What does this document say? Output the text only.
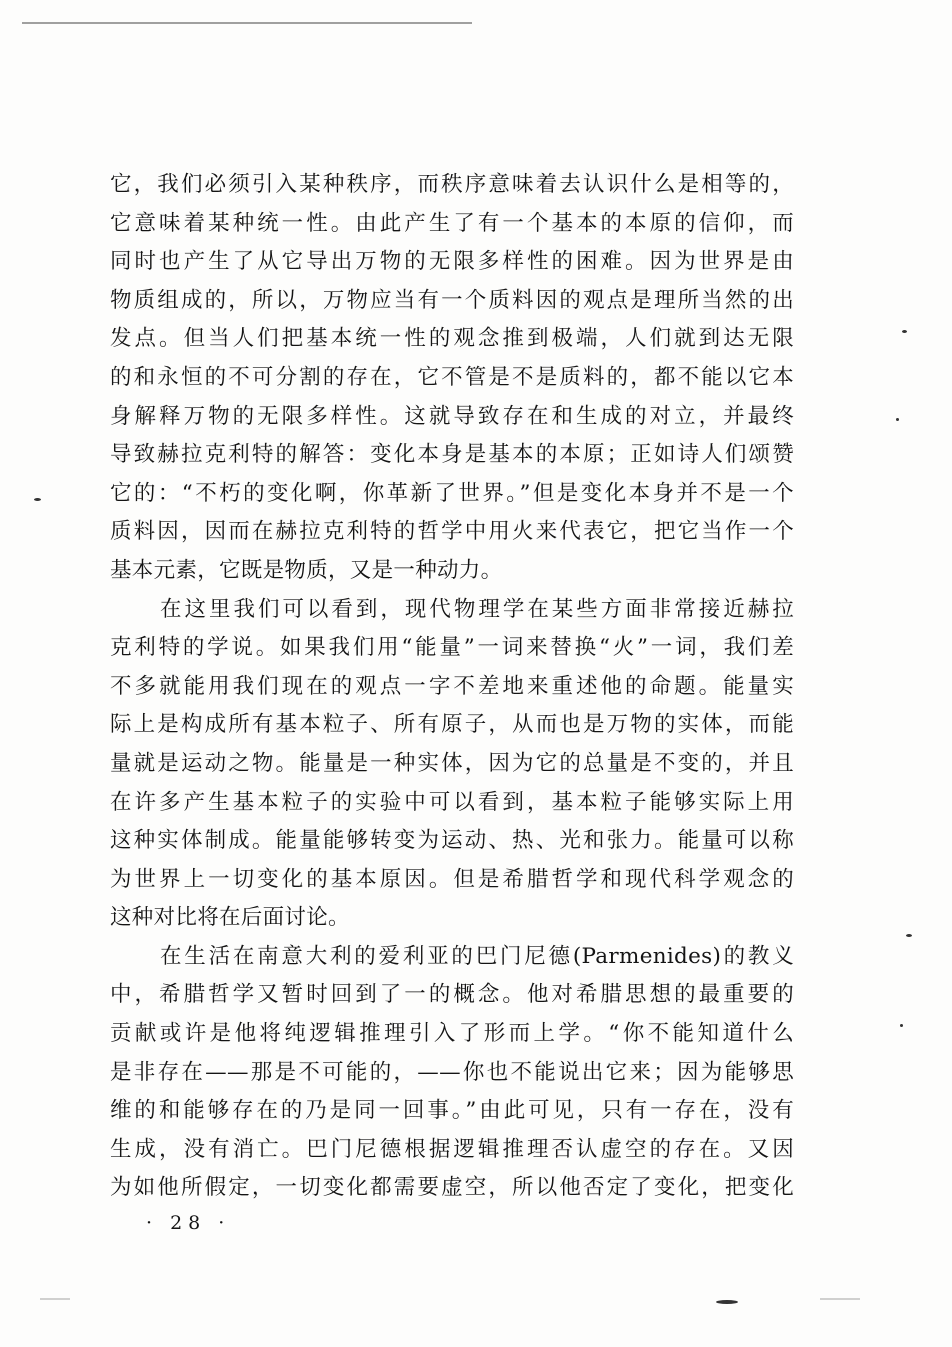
它，我们必须引入某种秩序，而秩序意味着去认识什么是相等的，
它意味着某种统一性。由此产生了有一个基本的本原的信仰，而
同时也产生了从它导出万物的无限多样性的困难。因为世界是由
物质组成的，所以，万物应当有一个质料因的观点是理所当然的出
发点。但当人们把基本统一性的观念推到极端，人们就到达无限
的和永恒的不可分割的存在，它不管是不是质料的，都不能以它本
身解释万物的无限多样性。这就导致存在和生成的对立，并最终
导致赫拉克利特的解答：变化本身是基本的本原；正如诗人们颂赞
它的：“不朽的变化啊，你革新了世界。”但是变化本身并不是一个
质料因，因而在赫拉克利特的哲学中用火来代表它，把它当作一个
基本元素，它既是物质，又是一种动力。
在这里我们可以看到，现代物理学在某些方面非常接近赫拉
克利特的学说。如果我们用“能量”一词来替换“火”一词，我们差
不多就能用我们现在的观点一字不差地来重述他的命题。能量实
际上是构成所有基本粒子、所有原子，从而也是万物的实体，而能
量就是运动之物。能量是一种实体，因为它的总量是不变的，并且
在许多产生基本粒子的实验中可以看到，基本粒子能够实际上用
这种实体制成。能量能够转变为运动、热、光和张力。能量可以称
为世界上一切变化的基本原因。但是希腊哲学和现代科学观念的
这种对比将在后面讨论。
在生活在南意大利的爱利亚的巴门尼德(Parmenides)的教义
中，希腊哲学又暂时回到了一的概念。他对希腊思想的最重要的
贡献或许是他将纯逻辑推理引入了形而上学。“你不能知道什么
是非存在——那是不可能的，——你也不能说出它来；因为能够思
维的和能够存在的乃是同一回事。”由此可见，只有一存在，没有
生成，没有消亡。巴门尼德根据逻辑推理否认虚空的存在。又因
为如他所假定，一切变化都需要虚空，所以他否定了变化，把变化
· 28 ·
